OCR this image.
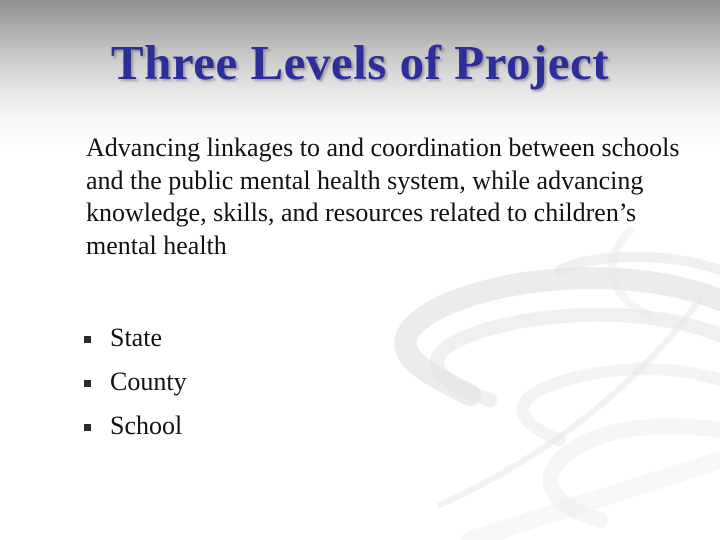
Three Levels of Project

Advancing linkages to and coordination between schools and the public mental health system, while advancing knowledge, skills, and resources related to children’s mental health

State
County
School
